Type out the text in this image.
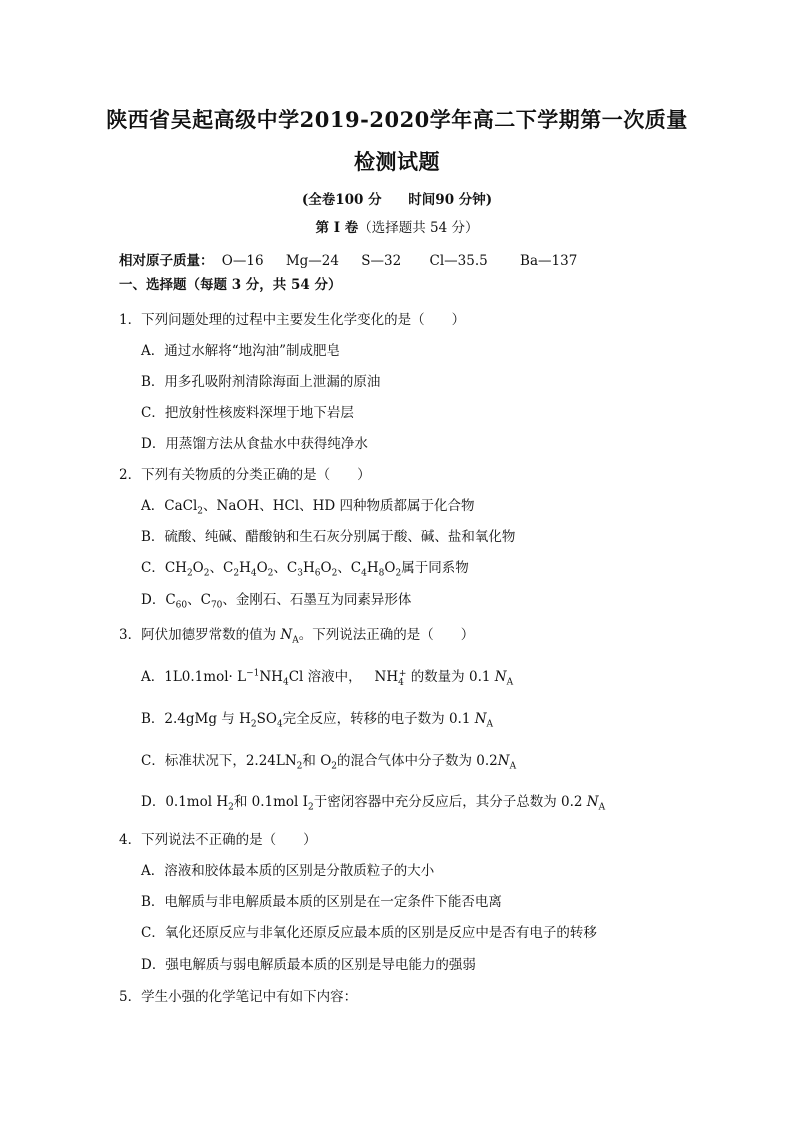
陕西省吴起高级中学2019-2020学年高二下学期第一次质量
检测试题
(全卷100 分 时间90 分钟)
第 I 卷（选择题共 54 分）
相对原子质量： O—16 Mg—24 S—32 Cl—35.5 Ba—137
一、选择题（每题 3 分，共 54 分）
1．下列问题处理的过程中主要发生化学变化的是（　　）
A．通过水解将“地沟油”制成肥皂
B．用多孔吸附剂清除海面上泄漏的原油
C．把放射性核废料深埋于地下岩层
D．用蒸馏方法从食盐水中获得纯净水
2．下列有关物质的分类正确的是（　　）
A．CaCl$_2$、NaOH、HCl、HD 四种物质都属于化合物
B．硫酸、纯碱、醋酸钠和生石灰分别属于酸、碱、盐和氧化物
C．$CH_2O_2$、$C_2H_4O_2$、$C_3H_6O_2$、$C_4H_8O_2$属于同系物
D．$C_{60}$、$C_{70}$、金刚石、石墨互为同素异形体
3．阿伏加德罗常数的值为 $N_A$。下列说法正确的是（　　）
A．$1L0.1mol\cdot L^{-1}NH_4Cl$ 溶液中，   $NH_4^+$ 的数量为 0.1 $N_A$
B．2.4gMg 与 $H_2SO_4$完全反应，转移的电子数为 0.1 $N_A$
C．标准状况下，$2.24LN_2$和 $O_2$的混合气体中分子数为 $0.2N_A$
D．0.1mol $H_2$和 0.1mol $I_2$于密闭容器中充分反应后，其分子总数为 0.2 $N_A$
4．下列说法不正确的是（　　）
A．溶液和胶体最本质的区别是分散质粒子的大小
B．电解质与非电解质最本质的区别是在一定条件下能否电离
C．氧化还原反应与非氧化还原反应最本质的区别是反应中是否有电子的转移
D．强电解质与弱电解质最本质的区别是导电能力的强弱
5．学生小强的化学笔记中有如下内容：
